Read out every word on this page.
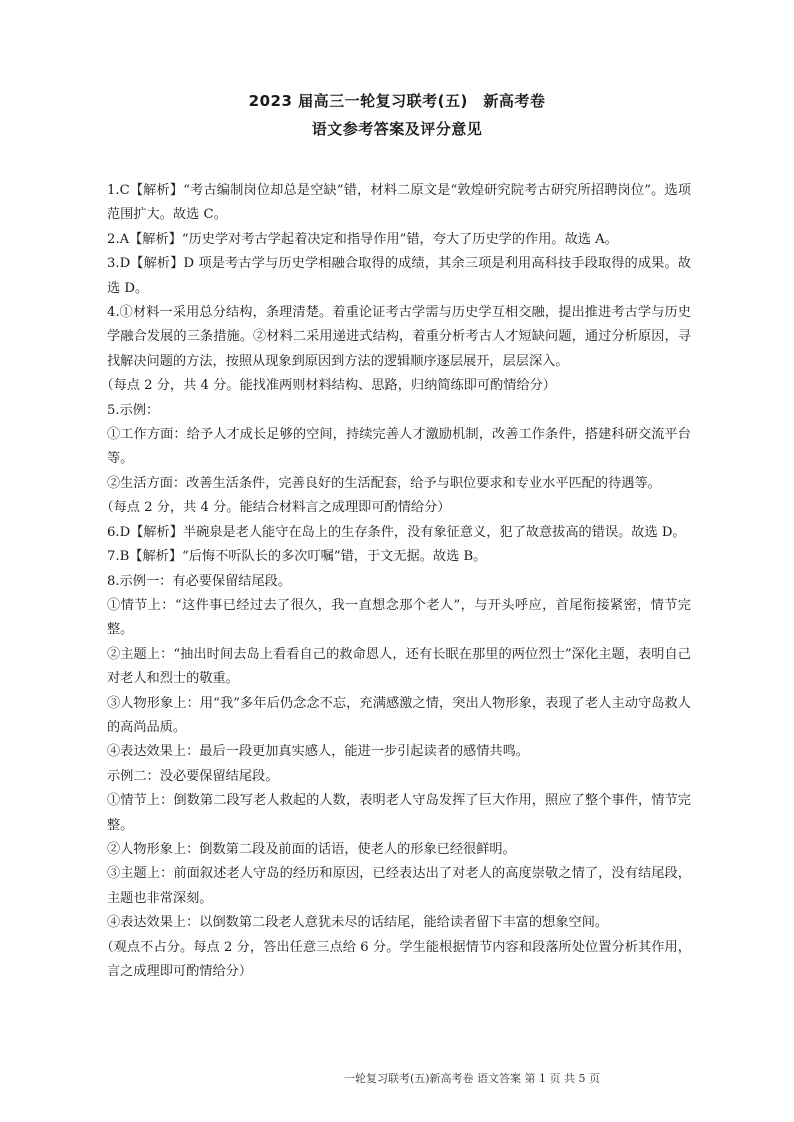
2023 届高三一轮复习联考(五)　新高考卷
语文参考答案及评分意见

1.C【解析】“考古编制岗位却总是空缺”错，材料二原文是“敦煌研究院考古研究所招聘岗位”。选项范围扩大。故选 C。

2.A【解析】“历史学对考古学起着决定和指导作用”错，夸大了历史学的作用。故选 A。

3.D【解析】D 项是考古学与历史学相融合取得的成绩，其余三项是利用高科技手段取得的成果。故选 D。

4.①材料一采用总分结构，条理清楚。着重论证考古学需与历史学互相交融，提出推进考古学与历史学融合发展的三条措施。②材料二采用递进式结构，着重分析考古人才短缺问题，通过分析原因，寻找解决问题的方法，按照从现象到原因到方法的逻辑顺序逐层展开，层层深入。

（每点 2 分，共 4 分。能找准两则材料结构、思路，归纳简练即可酌情给分）

5.示例：

①工作方面：给予人才成长足够的空间，持续完善人才激励机制，改善工作条件，搭建科研交流平台等。

②生活方面：改善生活条件，完善良好的生活配套，给予与职位要求和专业水平匹配的待遇等。

（每点 2 分，共 4 分。能结合材料言之成理即可酌情给分）

6.D【解析】半碗泉是老人能守在岛上的生存条件，没有象征意义，犯了故意拔高的错误。故选 D。

7.B【解析】“后悔不听队长的多次叮嘱”错，于文无据。故选 B。

8.示例一：有必要保留结尾段。

①情节上：“这件事已经过去了很久，我一直想念那个老人”，与开头呼应，首尾衔接紧密，情节完整。

②主题上：“抽出时间去岛上看看自己的救命恩人，还有长眠在那里的两位烈士”深化主题，表明自己对老人和烈士的敬重。

③人物形象上：用“我”多年后仍念念不忘，充满感激之情，突出人物形象，表现了老人主动守岛救人的高尚品质。

④表达效果上：最后一段更加真实感人，能进一步引起读者的感情共鸣。

示例二：没必要保留结尾段。

①情节上：倒数第二段写老人救起的人数，表明老人守岛发挥了巨大作用，照应了整个事件，情节完整。

②人物形象上：倒数第二段及前面的话语，使老人的形象已经很鲜明。

③主题上：前面叙述老人守岛的经历和原因，已经表达出了对老人的高度崇敬之情了，没有结尾段，主题也非常深刻。

④表达效果上：以倒数第二段老人意犹未尽的话结尾，能给读者留下丰富的想象空间。

（观点不占分。每点 2 分，答出任意三点给 6 分。学生能根据情节内容和段落所处位置分析其作用，言之成理即可酌情给分）

一轮复习联考(五)新高考卷 语文答案 第 1 页 共 5 页
